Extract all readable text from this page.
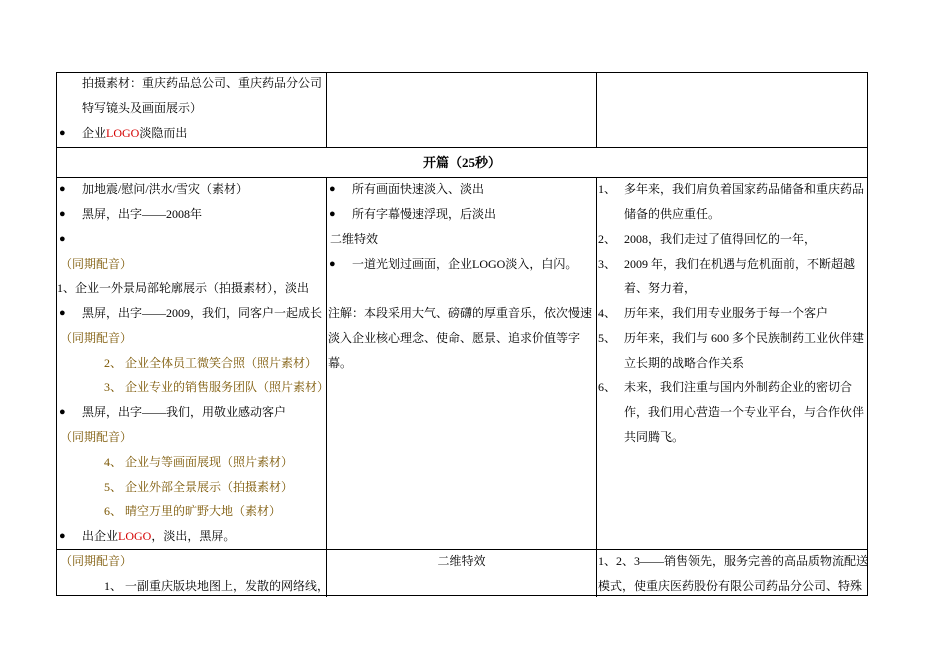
拍摄素材：重庆药品总公司、重庆药品分公司
特写镜头及画面展示）
● 企业LOGO淡隐而出
开篇（25秒）
● 加地震/慰问/洪水/雪灾（素材）
● 黑屏，出字——2008年
●
（同期配音）
1、企业一外景局部轮廓展示（拍摄素材），淡出
● 黑屏，出字——2009，我们，同客户一起成长
（同期配音）
2、 企业全体员工微笑合照（照片素材）
3、 企业专业的销售服务团队（照片素材）
● 黑屏，出字——我们，用敬业感动客户
（同期配音）
4、 企业与等画面展现（照片素材）
5、 企业外部全景展示（拍摄素材）
6、 晴空万里的旷野大地（素材）
● 出企业LOGO，淡出，黑屏。
● 所有画面快速淡入、淡出
● 所有字幕慢速浮现，后淡出
二维特效
● 一道光划过画面，企业LOGO淡入，白闪。
注解：本段采用大气、磅礴的厚重音乐，依次慢速
淡入企业核心理念、使命、愿景、追求价值等字
幕。
1、 多年来，我们肩负着国家药品储备和重庆药品
储备的供应重任。
2、 2008，我们走过了值得回忆的一年，
3、 2009 年，我们在机遇与危机面前，不断超越
着、努力着，
4、 历年来，我们用专业服务于每一个客户
5、 历年来，我们与 600 多个民族制药工业伙伴建
立长期的战略合作关系
6、 未来，我们注重与国内外制药企业的密切合
作，我们用心营造一个专业平台，与合作伙伴
共同腾飞。
（同期配音）
1、 一副重庆版块地图上，发散的网络线，
二维特效	1、2、3——销售领先，服务完善的高品质物流配送
模式，使重庆医药股份有限公司药品分公司、特殊
